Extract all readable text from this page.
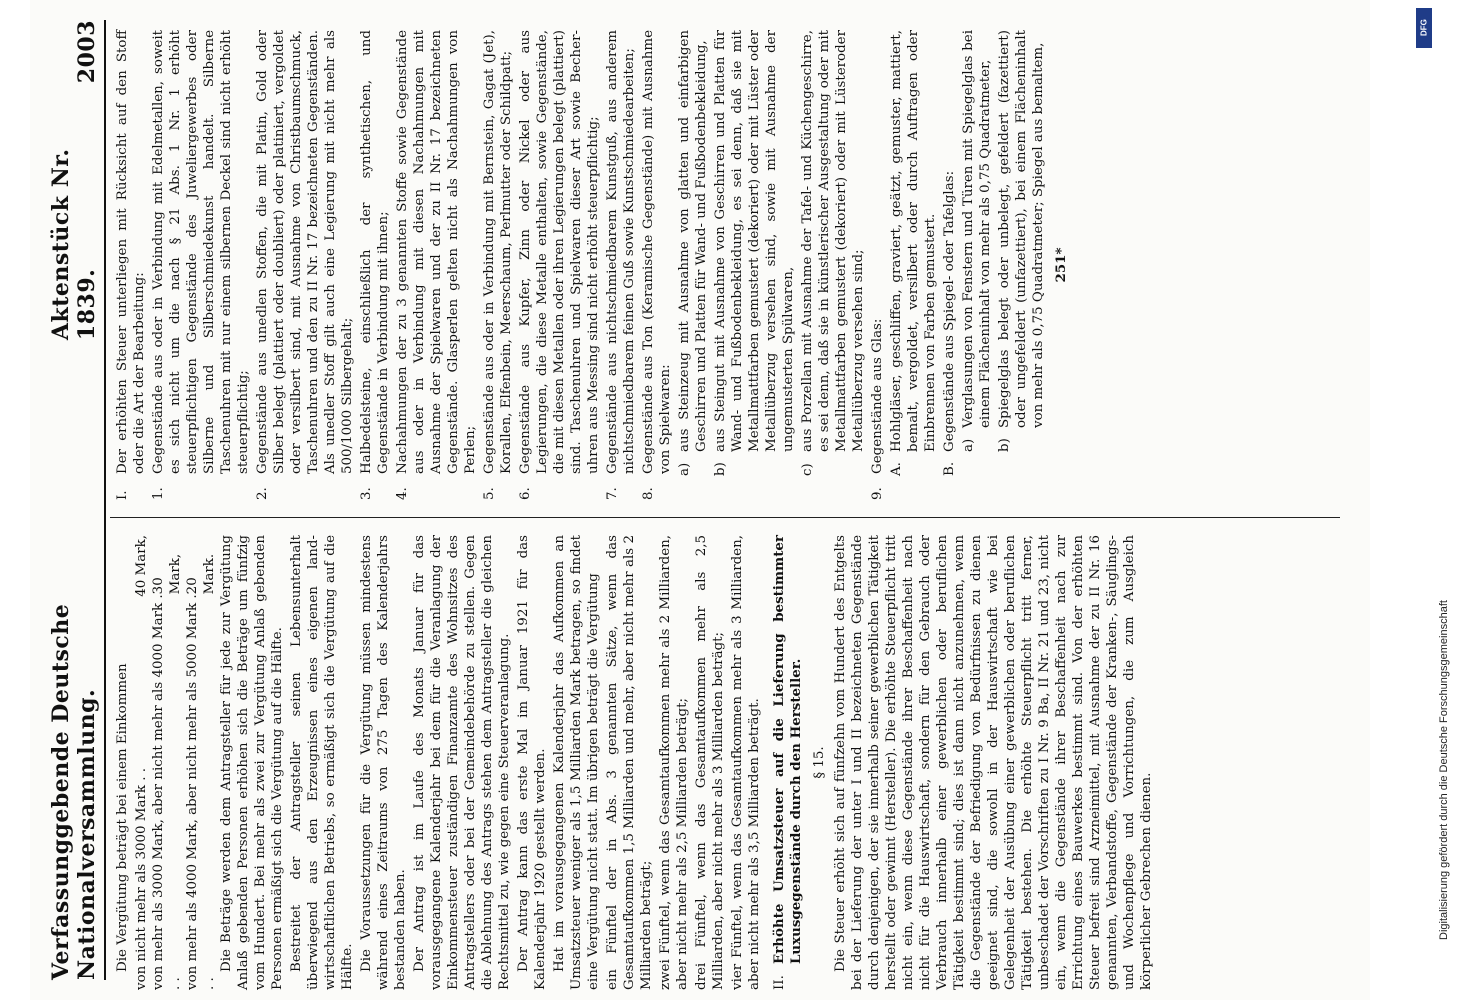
Verfassunggebende Deutsche Nationalversammlung.
Aktenstück Nr. 1839.
2003

Die Vergütung beträgt bei einem Einkommen von nicht mehr als 3000 Mark . .
40 Mark,
von mehr als 3000 Mark, aber nicht mehr als 4000 Mark . . .
30 Mark,
von mehr als 4000 Mark, aber nicht mehr als 5000 Mark . . .
20 Mark. Die Beträge werden dem Antragsteller für jede zur Vergütung Anlaß gebenden Personen erhöhen sich die Beträge um fünfzig vom Hundert. Bei mehr als zwei zur Vergütung Anlaß gebenden Personen ermäßigt sich die Vergütung auf die Hälfte. Bestreitet der Antragsteller seinen Lebensunterhalt überwiegend aus den Erzeugnissen eines eigenen landwirtschaftlichen Betriebs, so ermäßigt sich die Vergütung auf die Hälfte. Die Voraussetzungen für die Vergütung müssen mindestens während eines Zeitraums von 275 Tagen des Kalenderjahrs bestanden haben. Der Antrag ist im Laufe des Monats Januar für das vorausgegangene Kalenderjahr bei dem für die Veranlagung der Einkommensteuer zuständigen Finanzamte des Wohnsitzes des Antragstellers oder bei der Gemeindebehörde zu stellen. Gegen die Ablehnung des Antrags stehen dem Antragsteller die gleichen Rechtsmittel zu, wie gegen eine Steuerveranlagung. Der Antrag kann das erste Mal im Januar 1921 für das Kalenderjahr 1920 gestellt werden. Hat im vorausgegangenen Kalenderjahr das Aufkommen an Umsatzsteuer weniger als 1,5 Milliarden Mark betragen, so findet eine Vergütung nicht statt. Im übrigen beträgt die Vergütung ein Fünftel der in Abs. 3 genannten Sätze, wenn das Gesamtaufkommen 1,5 Milliarden und mehr, aber nicht mehr als 2 Milliarden beträgt; zwei Fünftel, wenn das Gesamtaufkommen mehr als 2 Milliarden, aber nicht mehr als 2,5 Milliarden beträgt; drei Fünftel, wenn das Gesamtaufkommen mehr als 2,5 Milliarden, aber nicht mehr als 3 Milliarden beträgt; vier Fünftel, wenn das Gesamtaufkommen mehr als 3 Milliarden, aber nicht mehr als 3,5 Milliarden beträgt. II.
Erhöhte Umsatzsteuer auf die Lieferung bestimmter Luxusgegenstände durch den Hersteller. § 15. Die Steuer erhöht sich auf fünfzehn vom Hundert des Entgelts bei der Lieferung der unter I und II bezeichneten Gegenstände durch denjenigen, der sie innerhalb seiner gewerblichen Tätigkeit herstellt oder gewinnt (Hersteller). Die erhöhte Steuerpflicht tritt nicht ein, wenn diese Gegenstände ihrer Beschaffenheit nach nicht für die Hauswirtschaft, sondern für den Gebrauch oder Verbrauch innerhalb einer gewerblichen oder beruflichen Tätigkeit bestimmt sind; dies ist dann nicht anzunehmen, wenn die Gegenstände der Befriedigung von Bedürfnissen zu dienen geeignet sind, die sowohl in der Hauswirtschaft wie bei Gelegenheit der Ausübung einer gewerblichen oder beruflichen Tätigkeit bestehen. Die erhöhte Steuerpflicht tritt ferner, unbeschadet der Vorschriften zu I Nr. 9 Ba, II Nr. 21 und 23, nicht ein, wenn die Gegenstände ihrer Beschaffenheit nach zur Errichtung eines Bauwerkes bestimmt sind. Von der erhöhten Steuer befreit sind Arzneimittel, mit Ausnahme der zu II Nr. 16 genannten, Verbandstoffe, Gegenstände der Kranken-, Säuglings- und Wochenpflege und Vorrichtungen, die zum Ausgleich körperlicher Gebrechen dienen.

I.
Der erhöhten Steuer unterliegen mit Rücksicht auf den Stoff oder die Art der Bearbeitung:
1.
Gegenstände aus oder in Verbindung mit Edelmetallen, soweit es sich nicht um die nach § 21 Abs. 1 Nr. 1 erhöht steuerpflichtigen Gegenstände des Juweliergewerbes oder Silberne und Silberschmiedekunst handelt. Silberne Taschenuhren mit nur einem silbernen Deckel sind nicht erhöht steuerpflichtig;
2.
Gegenstände aus unedlen Stoffen, die mit Platin, Gold oder Silber belegt (plattiert oder doubliert) oder platiniert, vergoldet oder versilbert sind, mit Ausnahme von Christbaumschmuck, Taschenuhren und den zu II Nr. 17 bezeichneten Gegenständen. Als unedler Stoff gilt auch eine Legierung mit nicht mehr als 500/1000 Silbergehalt;
3.
Halbedelsteine, einschließlich der synthetischen, und Gegenstände in Verbindung mit ihnen;
4.
Nachahmungen der zu 3 genannten Stoffe sowie Gegenstände aus oder in Verbindung mit diesen Nachahmungen mit Ausnahme der Spielwaren und der zu II Nr. 17 bezeichneten Gegenstände. Glasperlen gelten nicht als Nachahmungen von Perlen;
5.
Gegenstände aus oder in Verbindung mit Bernstein, Gagat (Jet), Korallen, Elfenbein, Meerschaum, Perlmutter oder Schildpatt;
6.
Gegenstände aus Kupfer, Zinn oder Nickel oder aus Legierungen, die diese Metalle enthalten, sowie Gegenstände, die mit diesen Metallen oder ihren Legierungen belegt (plattiert) sind. Taschenuhren und Spielwaren dieser Art sowie Becheruhren aus Messing sind nicht erhöht steuerpflichtig;
7.
Gegenstände aus nichtschmiedbarem Kunstguß, aus anderem nichtschmiedbarem feinen Guß sowie Kunstschmiedearbeiten;
8.
Gegenstände aus Ton (Keramische Gegenstände) mit Ausnahme von Spielwaren: a)
aus Steinzeug mit Ausnahme von glatten und einfarbigen Geschirren und Platten für Wand- und Fußbodenbekleidung,
b)
aus Steingut mit Ausnahme von Geschirren und Platten für Wand- und Fußbodenbekleidung, es sei denn, daß sie mit Metallmattfarben gemustert (dekoriert) oder mit Lüster oder Metallüberzug versehen sind, sowie mit Ausnahme der ungemusterten Spülwaren,
c)
aus Porzellan mit Ausnahme der Tafel- und Küchengeschirre, es sei denn, daß sie in künstlerischer Ausgestaltung oder mit Metallmattfarben gemustert (dekoriert) oder mit Lüsteroder Metallüberzug versehen sind;
9.
Gegenstände aus Glas: A.
Hohlgläser, geschliffen, graviert, geätzt, gemuster, mattiert, bemalt, vergoldet, versilbert oder durch Auftragen oder Einbrennen von Farben gemustert.
B.
Gegenstände aus Spiegel- oder Tafelglas: a)
Verglasungen von Fenstern und Türen mit Spiegelglas bei einem Flächeninhalt von mehr als 0,75 Quadratmeter,
b)
Spiegelglas belegt oder unbelegt, gefeldert (fazettiert) oder ungefeldert (unfazettiert), bei einem Flächeninhalt von mehr als 0,75 Quadratmeter; Spiegel aus bemaltem, 251*
Digitalisierung gefördert durch die Deutsche Forschungsgemeinschaft
DFG
